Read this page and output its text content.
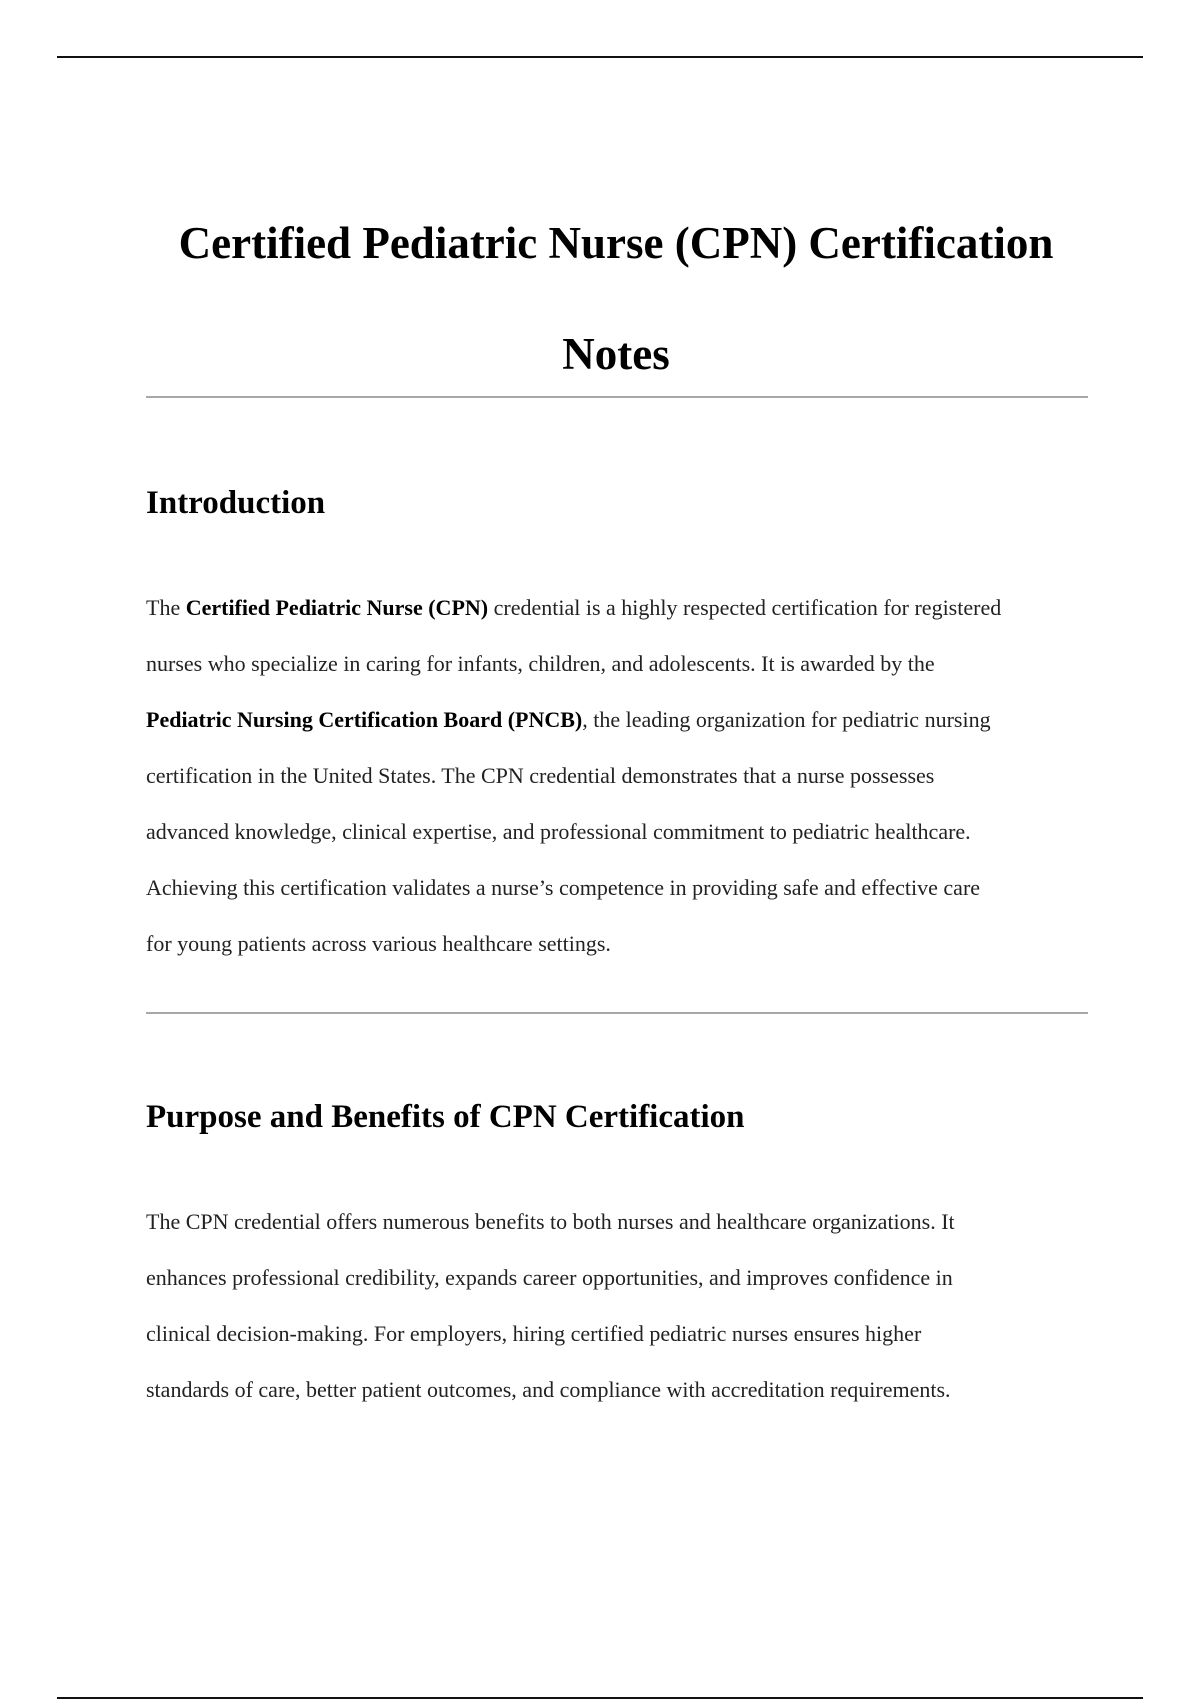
Certified Pediatric Nurse (CPN) Certification
Notes
Introduction

The Certified Pediatric Nurse (CPN) credential is a highly respected certification for registered
nurses who specialize in caring for infants, children, and adolescents. It is awarded by the
Pediatric Nursing Certification Board (PNCB), the leading organization for pediatric nursing
certification in the United States. The CPN credential demonstrates that a nurse possesses
advanced knowledge, clinical expertise, and professional commitment to pediatric healthcare.
Achieving this certification validates a nurse’s competence in providing safe and effective care
for young patients across various healthcare settings.

Purpose and Benefits of CPN Certification

The CPN credential offers numerous benefits to both nurses and healthcare organizations. It
enhances professional credibility, expands career opportunities, and improves confidence in
clinical decision-making. For employers, hiring certified pediatric nurses ensures higher
standards of care, better patient outcomes, and compliance with accreditation requirements.
